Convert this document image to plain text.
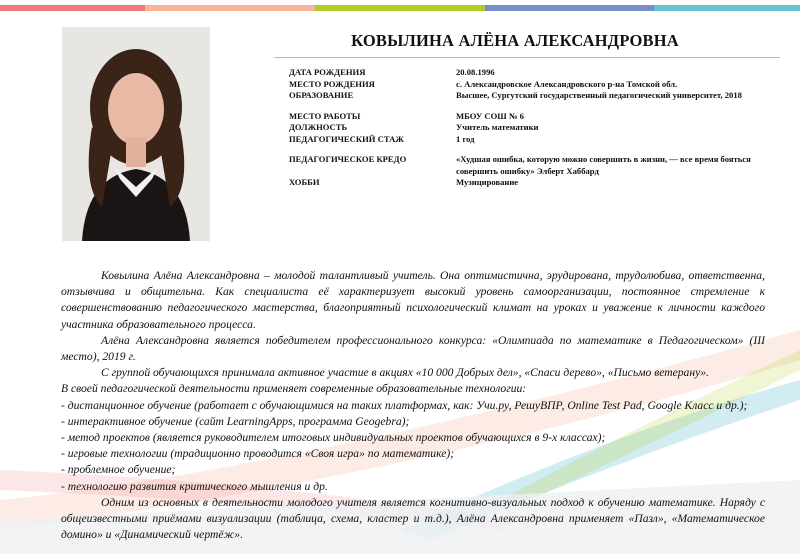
КОВЫЛИНА АЛЁНА АЛЕКСАНДРОВНА
ДАТА РОЖДЕНИЯ	20.08.1996
МЕСТО РОЖДЕНИЯ	с. Александровское Александровского р-на Томской обл.
ОБРАЗОВАНИЕ	Высшее, Сургутский государственный педагогический университет, 2018
МЕСТО РАБОТЫ	МБОУ СОШ № 6
ДОЛЖНОСТЬ	Учитель математики
ПЕДАГОГИЧЕСКИЙ СТАЖ	1 год
ПЕДАГОГИЧЕСКОЕ КРЕДО	«Худшая ошибка, которую можно совершить в жизни, — все время бояться совершить ошибку» Элберт Хаббард
ХОББИ	Музицирование

Ковылина Алёна Александровна – молодой талантливый учитель. Она оптимистична, эрудирована, трудолюбива, ответственна, отзывчива и общительна. Как специалиста её характеризует высокий уровень самоорганизации, постоянное стремление к совершенствованию педагогического мастерства, благоприятный психологический климат на уроках и уважение к личности каждого участника образовательного процесса.

Алёна Александровна является победителем профессионального конкурса: «Олимпиада по математике в Педагогическом» (III место), 2019 г.

С группой обучающихся принимала активное участие в акциях «10 000 Добрых дел», «Спаси дерево», «Письмо ветерану».

В своей педагогической деятельности применяет современные образовательные технологии:

- дистанционное обучение (работает с обучающимися на таких платформах, как: Учи.ру, РешуВПР, Online Test Pad, Google Класс и др.);

- интерактивное обучение (сайт LearningApps, программа Geogebra);

- метод проектов (является руководителем итоговых индивидуальных проектов обучающихся в 9-х классах);

- игровые технологии (традиционно проводится «Своя игра» по математике);

- проблемное обучение;

- технологию развития критического мышления и др.

Одним из основных в деятельности молодого учителя является когнитивно-визуальных подход к обучению математике. Наряду с общеизвестными приёмами визуализации (таблица, схема, кластер и т.д.), Алёна Александровна применяет «Пазл», «Математическое домино» и «Динамический чертёж».
